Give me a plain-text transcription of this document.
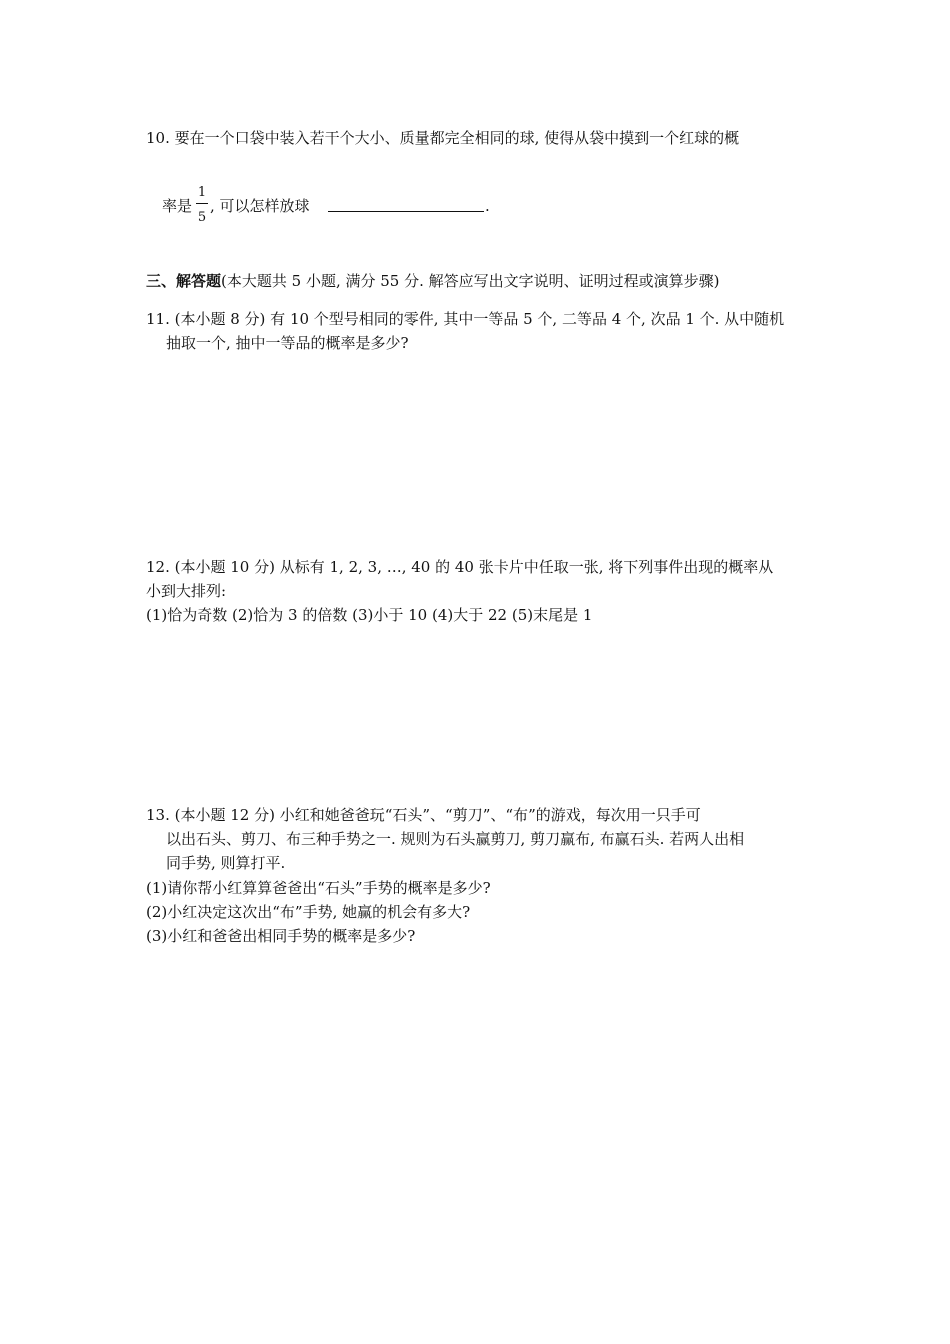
10. 要在一个口袋中装入若干个大小、质量都完全相同的球, 使得从袋中摸到一个红球的概
率是
1
5
, 可以怎样放球	.
三、解答题(本大题共 5 小题, 满分 55 分. 解答应写出文字说明、证明过程或演算步骤)
11. (本小题 8 分) 有 10 个型号相同的零件, 其中一等品 5 个, 二等品 4 个, 次品 1 个. 从中随机
抽取一个, 抽中一等品的概率是多少?
12. (本小题 10 分) 从标有 1, 2, 3, …, 40 的 40 张卡片中任取一张, 将下列事件出现的概率从
小到大排列:
(1)恰为奇数 (2)恰为 3 的倍数 (3)小于 10 (4)大于 22 (5)末尾是 1
13. (本小题 12 分) 小红和她爸爸玩“石头”、“剪刀”、“布”的游戏，每次用一只手可
以出石头、剪刀、布三种手势之一. 规则为石头赢剪刀, 剪刀赢布, 布赢石头. 若两人出相
同手势, 则算打平.
(1)请你帮小红算算爸爸出“石头”手势的概率是多少?
(2)小红决定这次出“布”手势, 她赢的机会有多大?
(3)小红和爸爸出相同手势的概率是多少?
